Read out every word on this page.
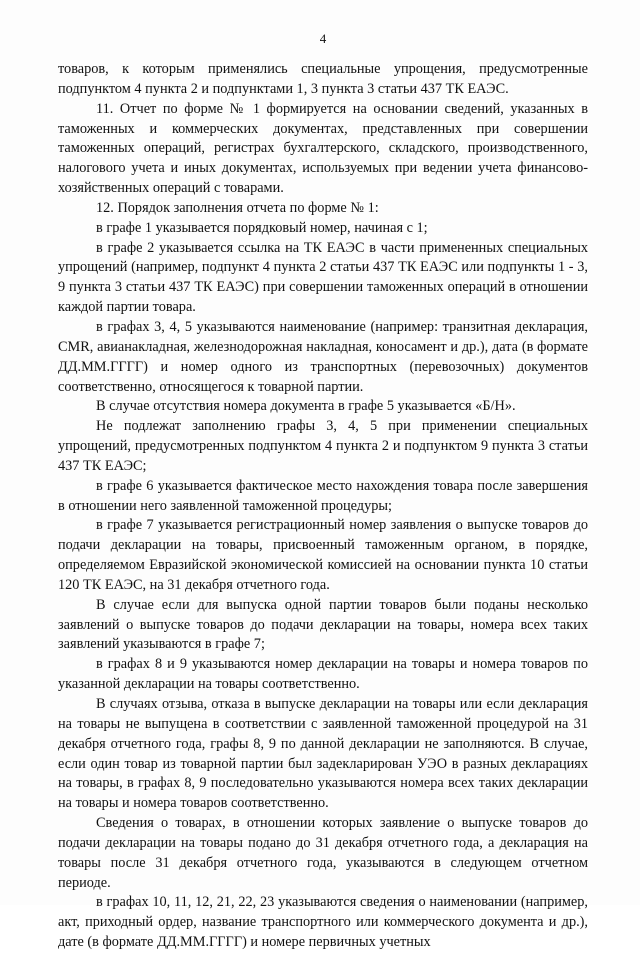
4

товаров, к которым применялись специальные упрощения, предусмотренные подпунктом 4 пункта 2 и подпунктами 1, 3 пункта 3 статьи 437 ТК ЕАЭС.

11. Отчет по форме № 1 формируется на основании сведений, указанных в таможенных и коммерческих документах, представленных при совершении таможенных операций, регистрах бухгалтерского, складского, производственного, налогового учета и иных документах, используемых при ведении учета финансово-хозяйственных операций с товарами.

12. Порядок заполнения отчета по форме № 1:

в графе 1 указывается порядковый номер, начиная с 1;

в графе 2 указывается ссылка на ТК ЕАЭС в части примененных специальных упрощений (например, подпункт 4 пункта 2 статьи 437 ТК ЕАЭС или подпункты 1 - 3, 9 пункта 3 статьи 437 ТК ЕАЭС) при совершении таможенных операций в отношении каждой партии товара.

в графах 3, 4, 5 указываются наименование (например: транзитная декларация, CMR, авианакладная, железнодорожная накладная, коносамент и др.), дата (в формате ДД.ММ.ГГГГ) и номер одного из транспортных (перевозочных) документов соответственно, относящегося к товарной партии.

В случае отсутствия номера документа в графе 5 указывается «Б/Н».

Не подлежат заполнению графы 3, 4, 5 при применении специальных упрощений, предусмотренных подпунктом 4 пункта 2 и подпунктом 9 пункта 3 статьи 437 ТК ЕАЭС;

в графе 6 указывается фактическое место нахождения товара после завершения в отношении него заявленной таможенной процедуры;

в графе 7 указывается регистрационный номер заявления о выпуске товаров до подачи декларации на товары, присвоенный таможенным органом, в порядке, определяемом Евразийской экономической комиссией на основании пункта 10 статьи 120 ТК ЕАЭС, на 31 декабря отчетного года.

В случае если для выпуска одной партии товаров были поданы несколько заявлений о выпуске товаров до подачи декларации на товары, номера всех таких заявлений указываются в графе 7;

в графах 8 и 9 указываются номер декларации на товары и номера товаров по указанной декларации на товары соответственно.

В случаях отзыва, отказа в выпуске декларации на товары или если декларация на товары не выпущена в соответствии с заявленной таможенной процедурой на 31 декабря отчетного года, графы 8, 9 по данной декларации не заполняются. В случае, если один товар из товарной партии был задекларирован УЭО в разных декларациях на товары, в графах 8, 9 последовательно указываются номера всех таких декларации на товары и номера товаров соответственно.

Сведения о товарах, в отношении которых заявление о выпуске товаров до подачи декларации на товары подано до 31 декабря отчетного года, а декларация на товары после 31 декабря отчетного года, указываются в следующем отчетном периоде.

в графах 10, 11, 12, 21, 22, 23 указываются сведения о наименовании (например, акт, приходный ордер, название транспортного или коммерческого документа и др.), дате (в формате ДД.ММ.ГГГГ) и номере первичных учетных
